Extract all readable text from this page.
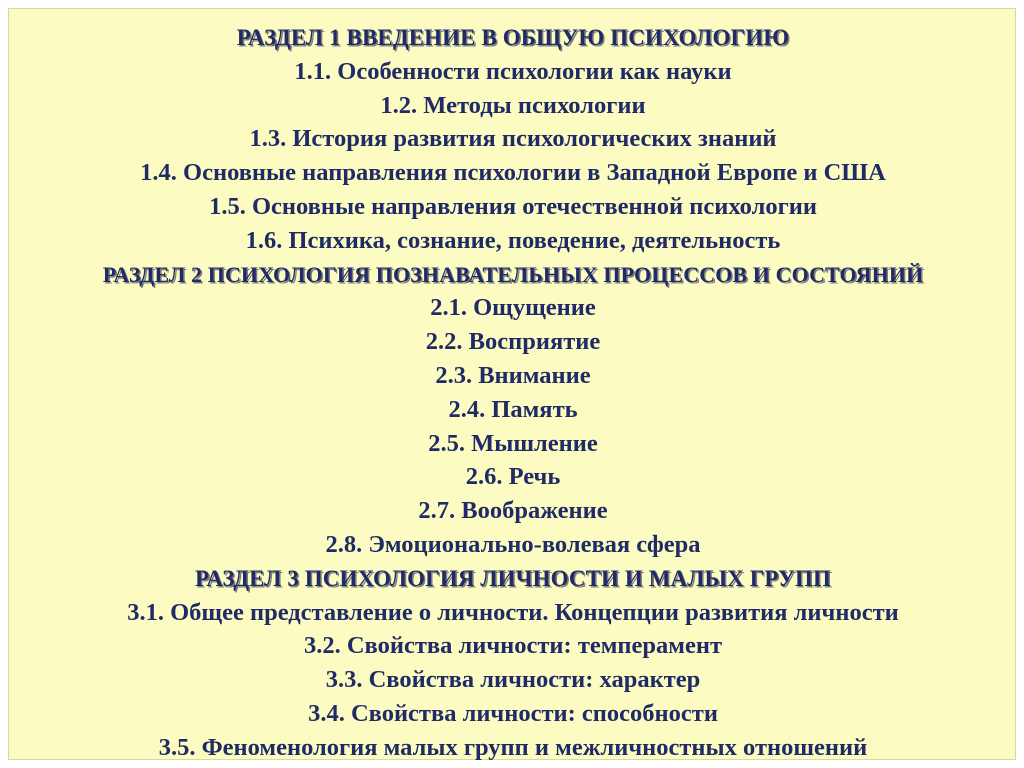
РАЗДЕЛ 1 ВВЕДЕНИЕ В ОБЩУЮ ПСИХОЛОГИЮ
1.1. Особенности психологии как науки
1.2. Методы психологии
1.3. История развития психологических знаний
1.4. Основные направления психологии в Западной Европе и США
1.5. Основные направления отечественной психологии
1.6. Психика, сознание, поведение, деятельность
РАЗДЕЛ 2 ПСИХОЛОГИЯ ПОЗНАВАТЕЛЬНЫХ ПРОЦЕССОВ И СОСТОЯНИЙ
2.1. Ощущение
2.2. Восприятие
2.3. Внимание
2.4. Память
2.5. Мышление
2.6. Речь
2.7. Воображение
2.8. Эмоционально-волевая сфера
РАЗДЕЛ 3 ПСИХОЛОГИЯ ЛИЧНОСТИ И МАЛЫХ ГРУПП
3.1. Общее представление о личности. Концепции развития личности
3.2. Свойства личности: темперамент
3.3. Свойства личности: характер
3.4. Свойства личности: способности
3.5. Феноменология малых групп и межличностных отношений
